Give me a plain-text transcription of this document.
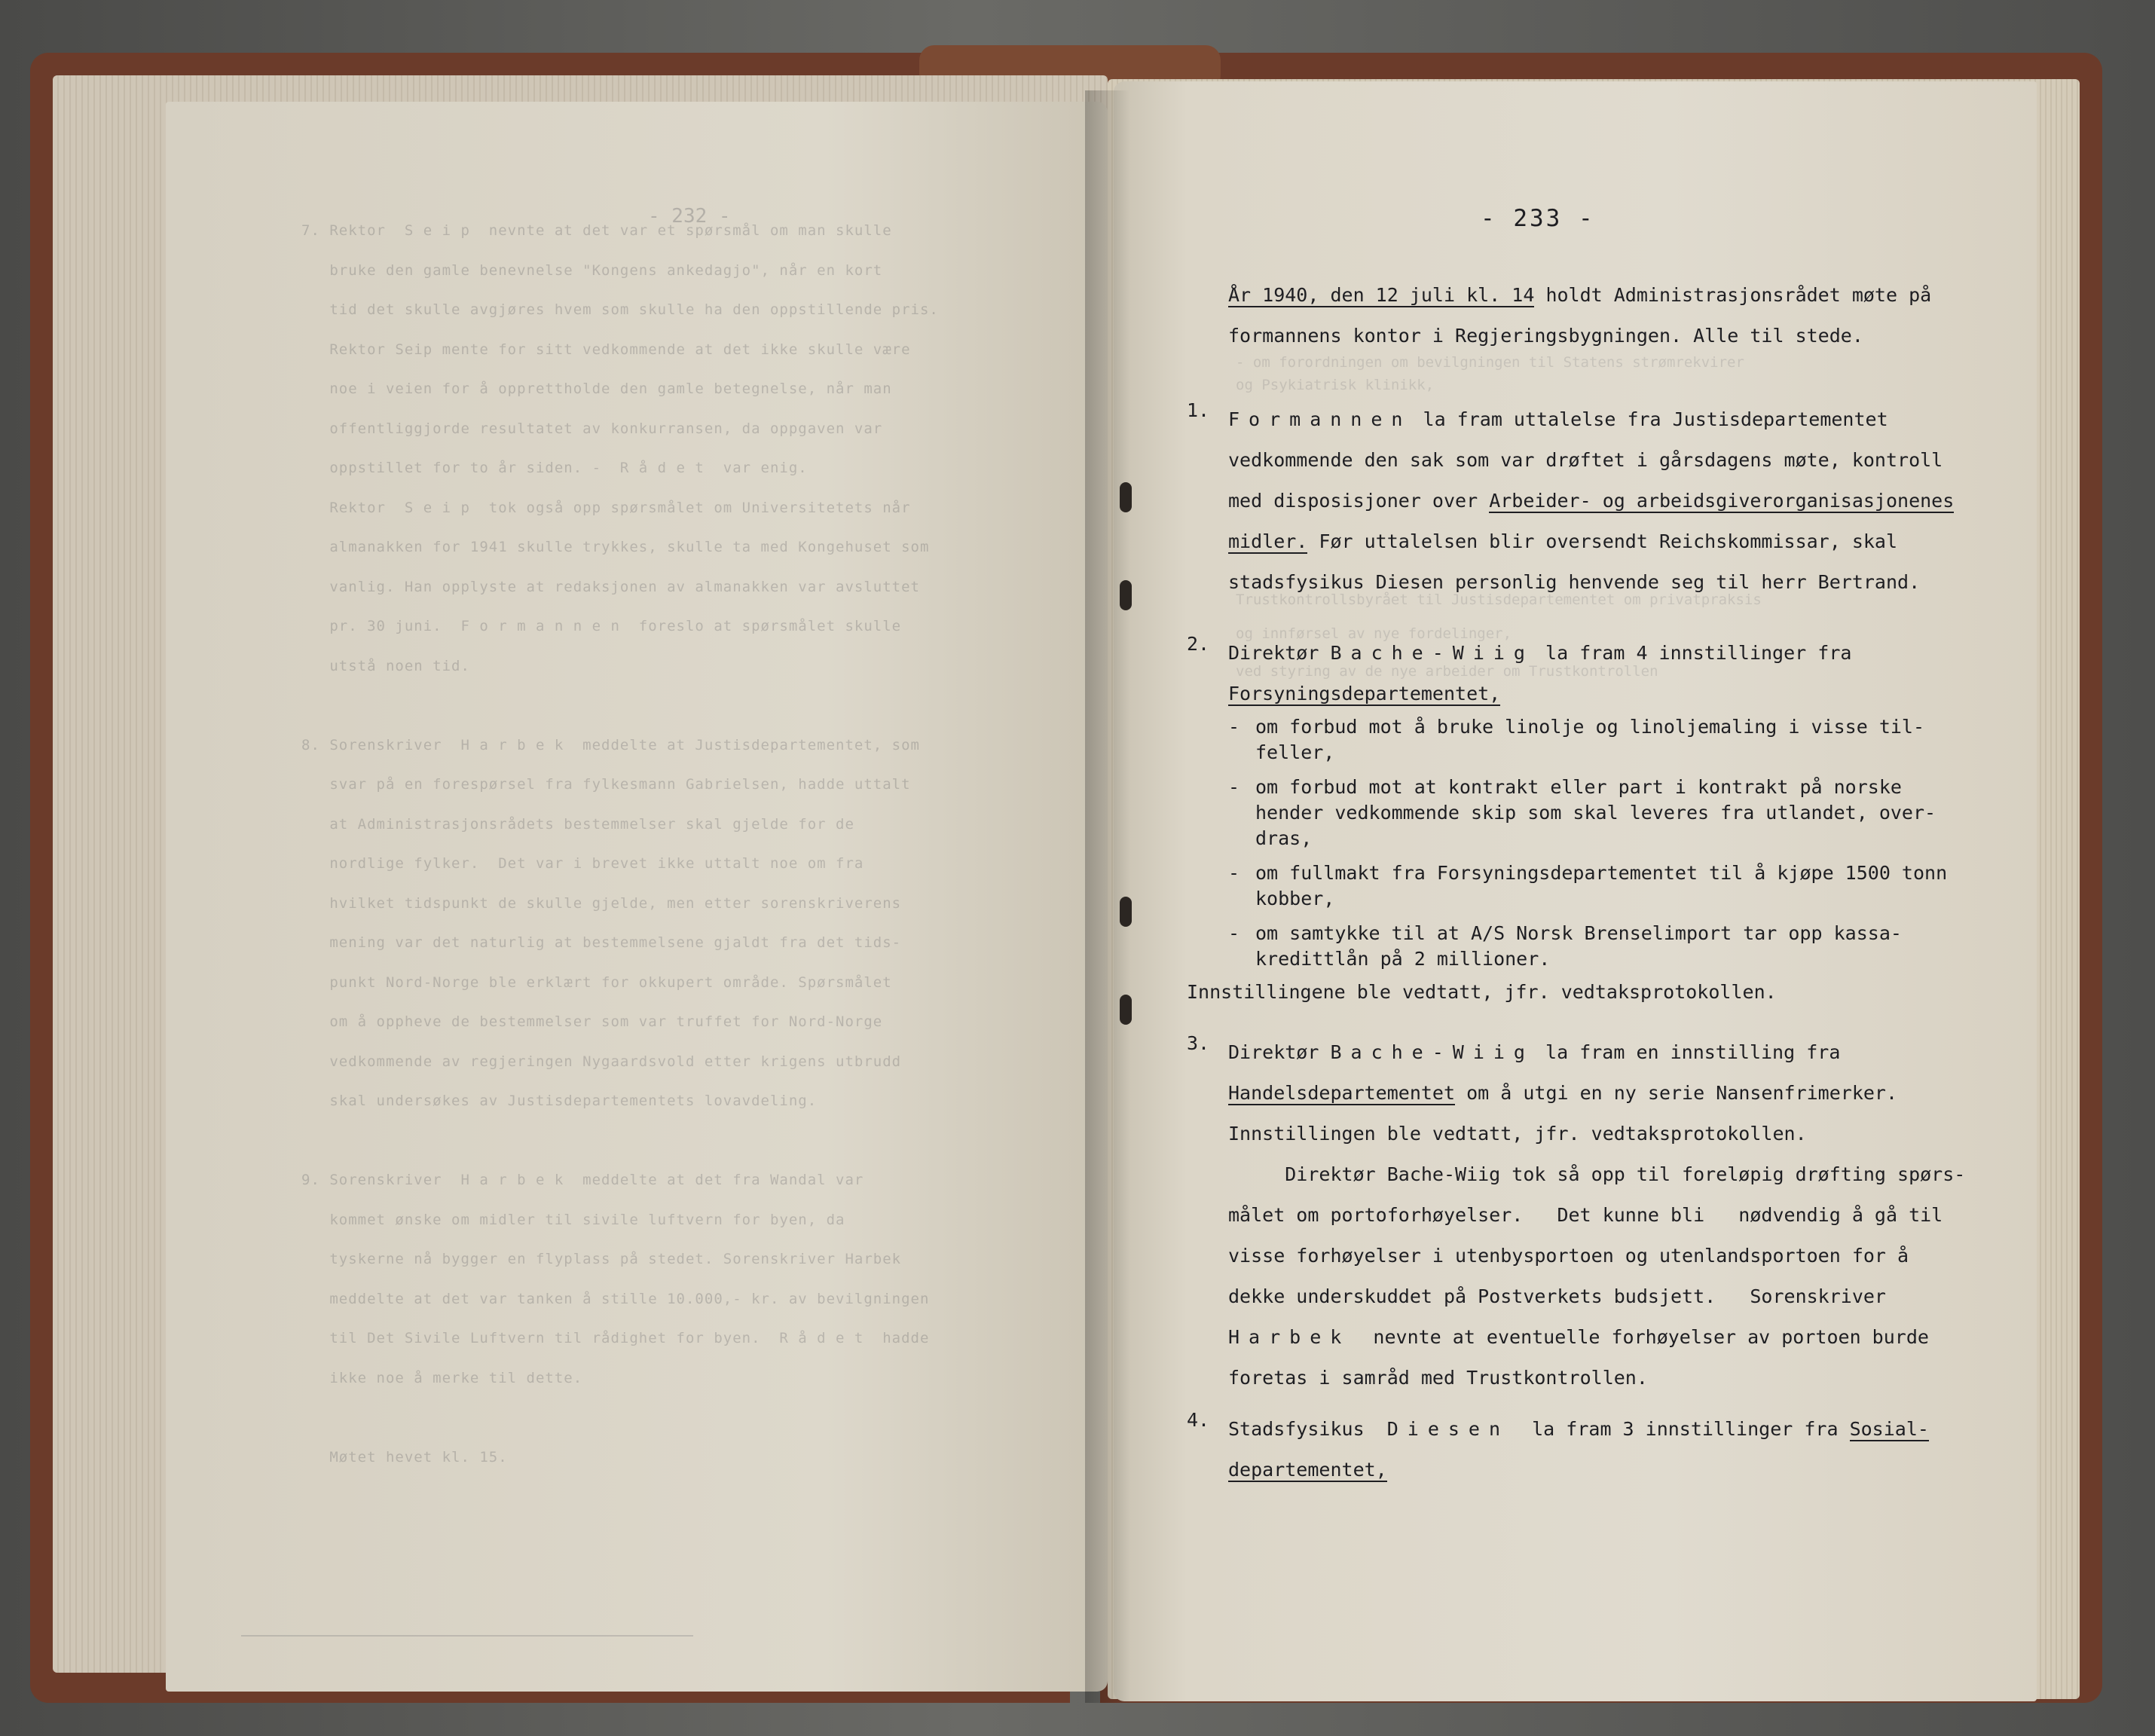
- 232 -
7. Rektor  S e i p  nevnte at det var et spørsmål om man skulle
bruke den gamle benevnelse "Kongens ankedagjo", når en kort
tid det skulle avgjøres hvem som skulle ha den oppstillende pris.
Rektor Seip mente for sitt vedkommende at det ikke skulle være
noe i veien for å opprettholde den gamle betegnelse, når man
offentliggjorde resultatet av konkurransen, da oppgaven var
oppstillet for to år siden. -  R å d e t  var enig.
Rektor  S e i p  tok også opp spørsmålet om Universitetets når
almanakken for 1941 skulle trykkes, skulle ta med Kongehuset som
vanlig. Han opplyste at redaksjonen av almanakken var avsluttet
pr. 30 juni.  F o r m a n n e n  foreslo at spørsmålet skulle
utstå noen tid.

8. Sorenskriver  H a r b e k  meddelte at Justisdepartementet, som
svar på en forespørsel fra fylkesmann Gabrielsen, hadde uttalt
at Administrasjonsrådets bestemmelser skal gjelde for de
nordlige fylker.  Det var i brevet ikke uttalt noe om fra
hvilket tidspunkt de skulle gjelde, men etter sorenskriverens
mening var det naturlig at bestemmelsene gjaldt fra det tids-
punkt Nord-Norge ble erklært for okkupert område. Spørsmålet
om å oppheve de bestemmelser som var truffet for Nord-Norge
vedkommende av regjeringen Nygaardsvold etter krigens utbrudd
skal undersøkes av Justisdepartementets lovavdeling.

9. Sorenskriver  H a r b e k  meddelte at det fra Wandal var
kommet ønske om midler til sivile luftvern for byen, da
tyskerne nå bygger en flyplass på stedet. Sorenskriver Harbek
meddelte at det var tanken å stille 10.000,- kr. av bevilgningen
til Det Sivile Luftvern til rådighet for byen.  R å d e t  hadde
ikke noe å merke til dette.

Møtet hevet kl. 15.
- om forordningen om bevilgningen til Statens strømrekvirer
og Psykiatrisk klinikk,
Trustkontrollsbyrået til Justisdepartementet om privatpraksis
og innførsel av nye fordelinger,
ved styring av de nye arbeider om Trustkontrollen
- 233 -
År 1940, den 12 juli kl. 14 holdt Administrasjonsrådet møte på
formannens kontor i Regjeringsbygningen. Alle til stede.
1. Formannen la fram uttalelse fra Justisdepartementet
vedkommende den sak som var drøftet i gårsdagens møte, kontroll
med disposisjoner over Arbeider- og arbeidsgiverorganisasjonenes
midler. Før uttalelsen blir oversendt Reichskommissar, skal
stadsfysikus Diesen personlig henvende seg til herr Bertrand.
2. Direktør Bache-Wiig la fram 4 innstillinger fra
Forsyningsdepartementet,
- om forbud mot å bruke linolje og linoljemaling i visse til-
feller,
- om forbud mot at kontrakt eller part i kontrakt på norske
hender vedkommende skip som skal leveres fra utlandet, over-
dras,
- om fullmakt fra Forsyningsdepartementet til å kjøpe 1500 tonn
kobber,
- om samtykke til at A/S Norsk Brenselimport tar opp kassa-
kredittlån på 2 millioner.
Innstillingene ble vedtatt, jfr. vedtaksprotokollen.
3. Direktør Bache-Wiig la fram en innstilling fra
Handelsdepartementet om å utgi en ny serie Nansenfrimerker.
Innstillingen ble vedtatt, jfr. vedtaksprotokollen.
Direktør Bache-Wiig tok så opp til foreløpig drøfting spørs-
målet om portoforhøyelser.   Det kunne bli   nødvendig å gå til
visse forhøyelser i utenbysportoen og utenlandsportoen for å
dekke underskuddet på Postverkets budsjett.   Sorenskriver
Harbek  nevnte at eventuelle forhøyelser av portoen burde
foretas i samråd med Trustkontrollen.
4. Stadsfysikus  Diesen  la fram 3 innstillinger fra Sosial-
departementet,
